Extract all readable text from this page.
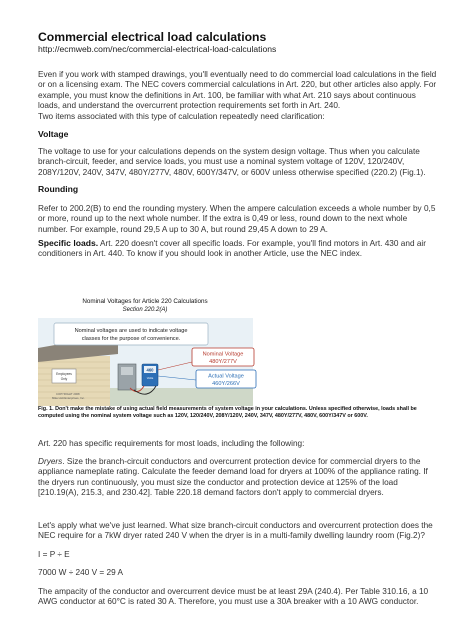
Commercial electrical load calculations
http://ecmweb.com/nec/commercial-electrical-load-calculations
Even if you work with stamped drawings, you'll eventually need to do commercial load calculations in the field or on a licensing exam. The NEC covers commercial calculations in Art. 220, but other articles also apply. For example, you must know the definitions in Art. 100, be familiar with what Art. 210 says about continuous loads, and understand the overcurrent protection requirements set forth in Art. 240.
Two items associated with this type of calculation repeatedly need clarification:
Voltage
The voltage to use for your calculations depends on the system design voltage. Thus when you calculate branch-circuit, feeder, and service loads, you must use a nominal system voltage of 120V, 120/240V, 208Y/120V, 240V, 347V, 480Y/277V, 480V, 600Y/347V, or 600V unless otherwise specified (220.2) (Fig.1).
Rounding
Refer to 200.2(B) to end the rounding mystery. When the ampere calculation exceeds a whole number by 0,5 or more, round up to the next whole number. If the extra is 0,49 or less, round down to the next whole number. For example, round 29,5 A up to 30 A, but round 29,45 A down to 29 A.
Specific loads. Art. 220 doesn't cover all specific loads. For example, you'll find motors in Art. 430 and air conditioners in Art. 440. To know if you should look in another Article, use the NEC index.
Employees
Only
COPYRIGHT 2008
Mike Holt Enterprises, Inc.
460
Volts
Nominal Voltages for Article 220 Calculations
Section 220.2(A)
Nominal voltages are used to indicate voltage
classes for the purpose of convenience.
Nominal Voltage
480Y/277V
Actual Voltage
460Y/266V
Fig. 1. Don't make the mistake of using actual field measurements of system voltage in your calculations. Unless specified otherwise, loads shall be computed using the nominal system voltage such as 120V, 120/240V, 208Y/120V, 240V, 347V, 480Y/277V, 480V, 600Y/347V or 600V.
Art. 220 has specific requirements for most loads, including the following:
Dryers. Size the branch-circuit conductors and overcurrent protection device for commercial dryers to the appliance nameplate rating. Calculate the feeder demand load for dryers at 100% of the appliance rating. If the dryers run continuously, you must size the conductor and protection device at 125% of the load [210.19(A), 215.3, and 230.42]. Table 220.18 demand factors don't apply to commercial dryers.
Let's apply what we've just learned. What size branch-circuit conductors and overcurrent protection does the NEC require for a 7kW dryer rated 240 V when the dryer is in a multi-family dwelling laundry room (Fig.2)?
I = P ÷ E
7000 W ÷ 240 V = 29 A
The ampacity of the conductor and overcurrent device must be at least 29A (240.4). Per Table 310.16, a 10 AWG conductor at 60°C is rated 30 A. Therefore, you must use a 30A breaker with a 10 AWG conductor.
